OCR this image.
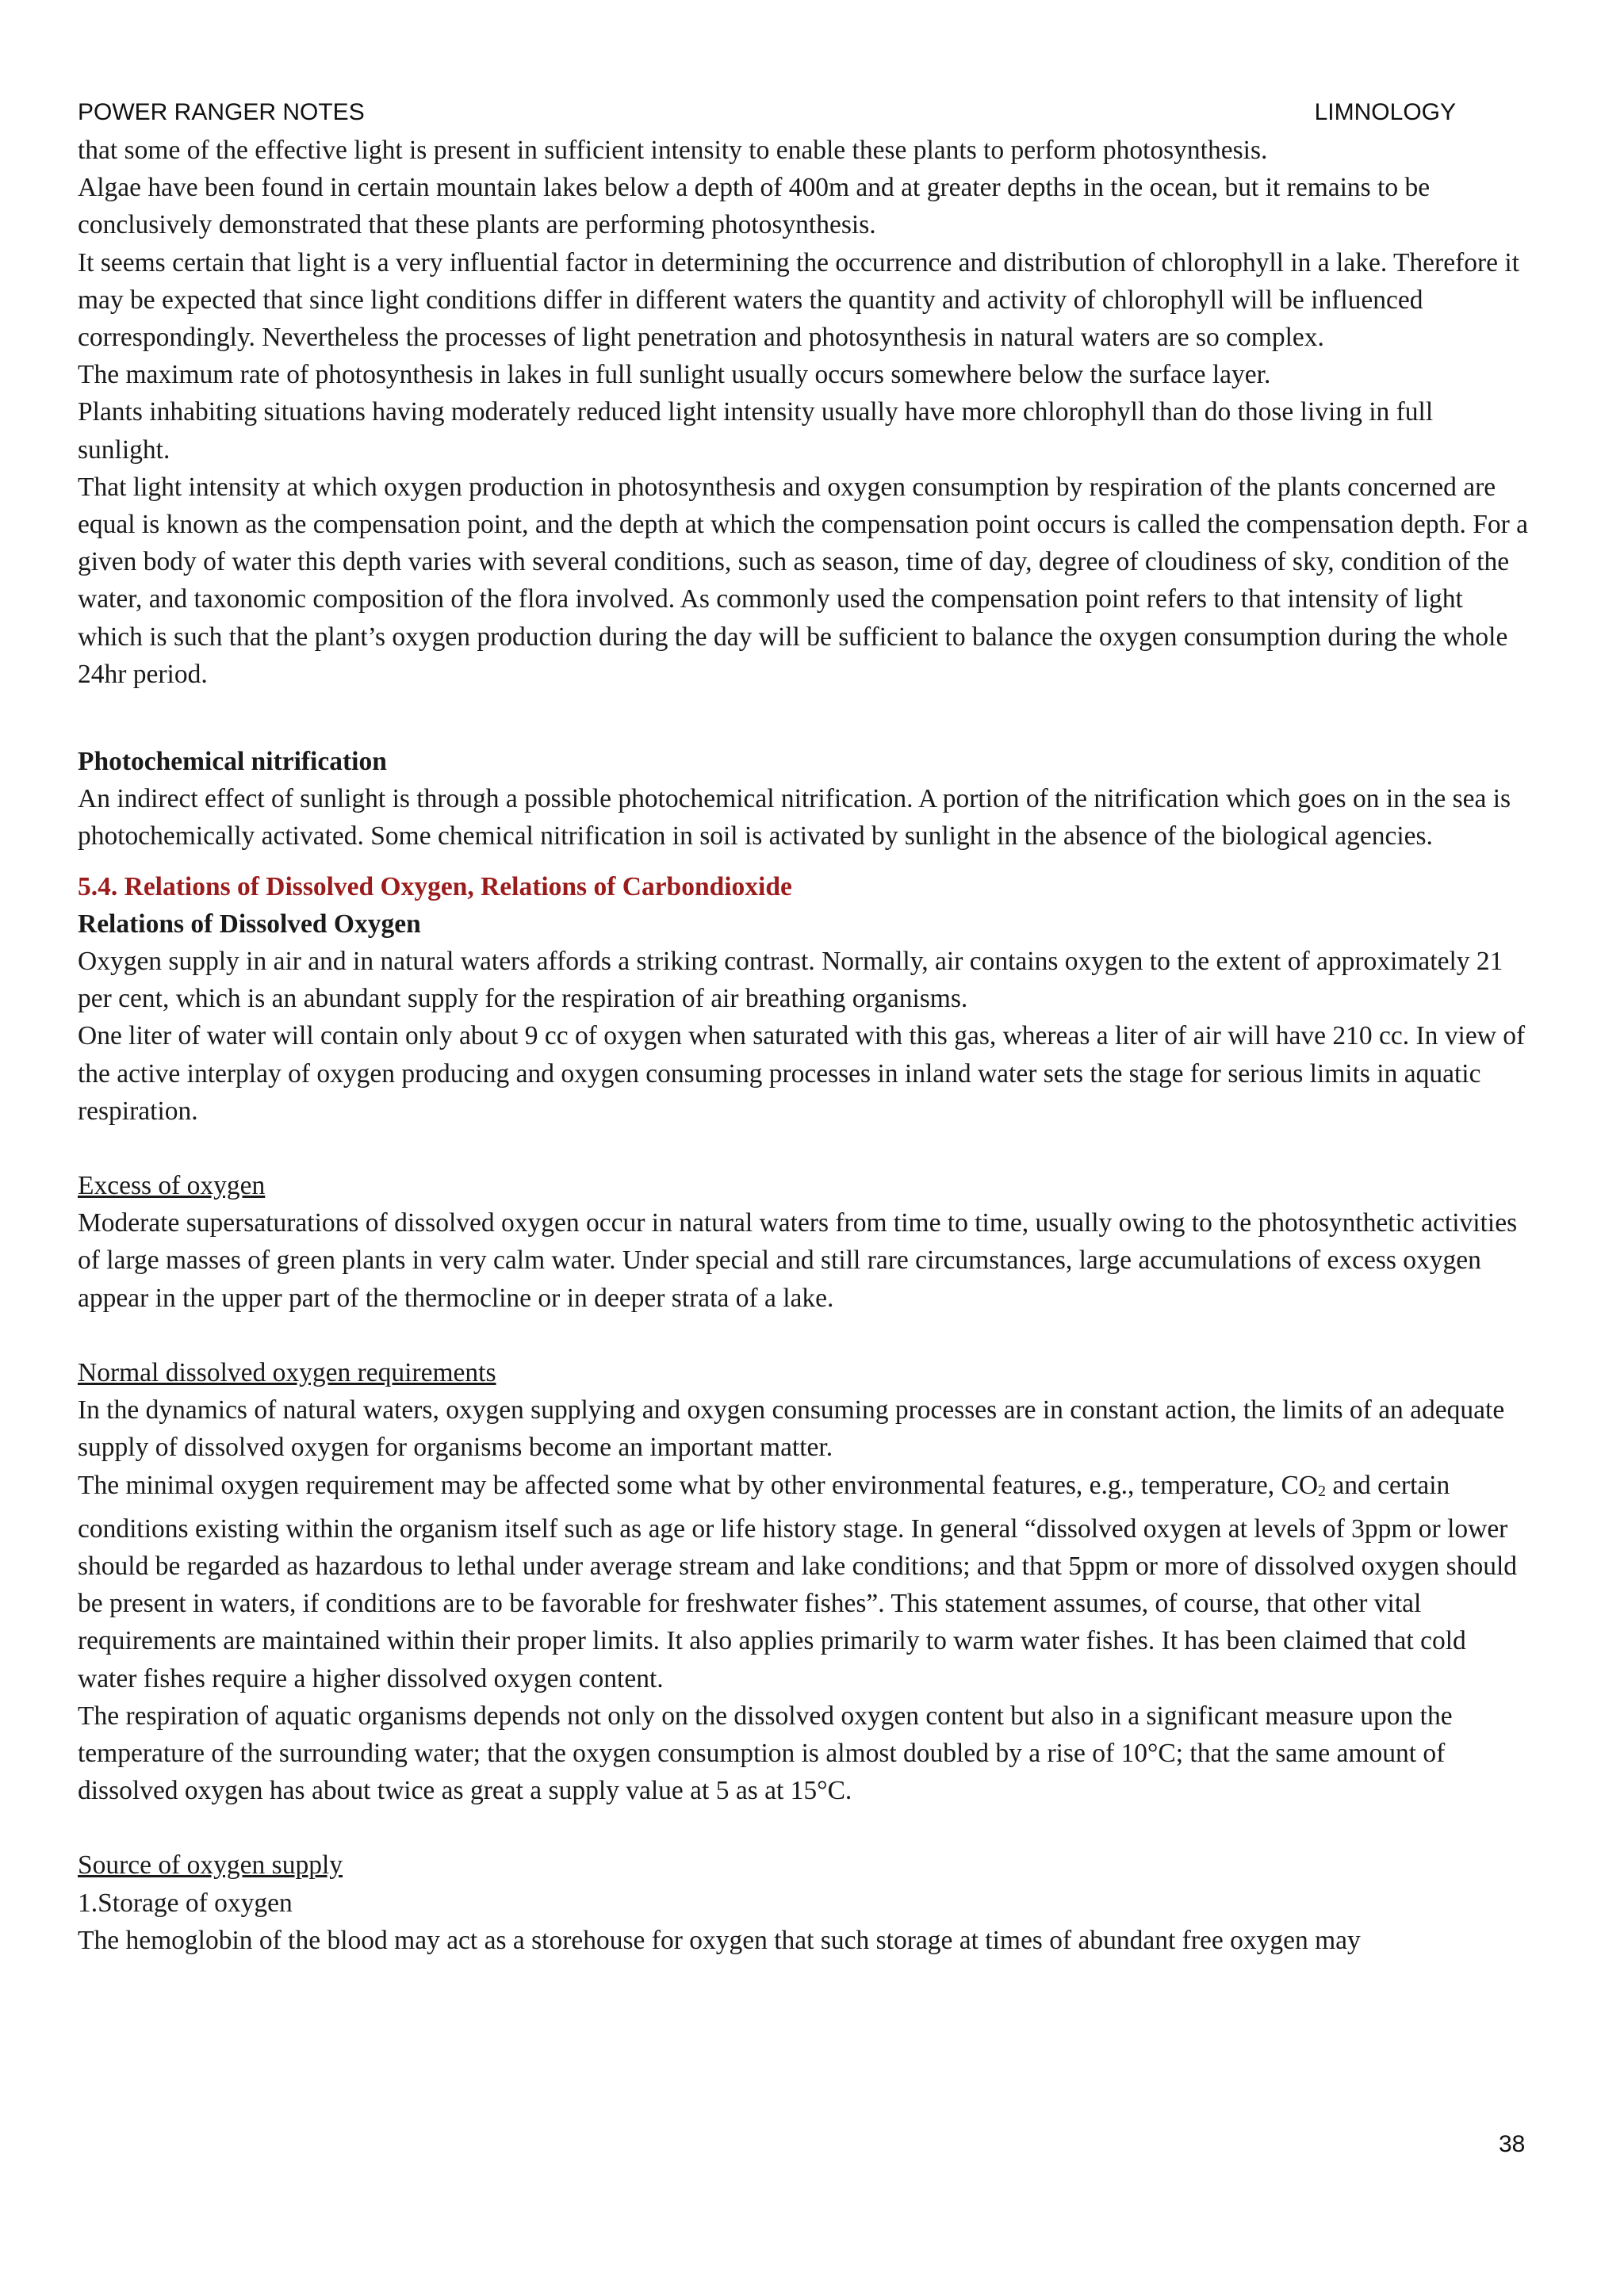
POWER RANGER NOTES	LIMNOLOGY

that some of the effective light is present in sufficient intensity to enable these plants to perform photosynthesis.

Algae have been found in certain mountain lakes below a depth of 400m and at greater depths in the ocean, but it remains to be conclusively demonstrated that these plants are performing photosynthesis.

It seems certain that light is a very influential factor in determining the occurrence and distribution of chlorophyll in a lake. Therefore it may be expected that since light conditions differ in different waters the quantity and activity of chlorophyll will be influenced correspondingly. Nevertheless the processes of light penetration and photosynthesis in natural waters are so complex.

The maximum rate of photosynthesis in lakes in full sunlight usually occurs somewhere below the surface layer.

Plants inhabiting situations having moderately reduced light intensity usually have more chlorophyll than do those living in full sunlight.

That light intensity at which oxygen production in photosynthesis and oxygen consumption by respiration of the plants concerned are equal is known as the compensation point, and the depth at which the compensation point occurs is called the compensation depth. For a given body of water this depth varies with several conditions, such as season, time of day, degree of cloudiness of sky, condition of the water, and taxonomic composition of the flora involved. As commonly used the compensation point refers to that intensity of light which is such that the plant’s oxygen production during the day will be sufficient to balance the oxygen consumption during the whole 24hr period.

Photochemical nitrification

An indirect effect of sunlight is through a possible photochemical nitrification. A portion of the nitrification which goes on in the sea is photochemically activated. Some chemical nitrification in soil is activated by sunlight in the absence of the biological agencies.

5.4. Relations of Dissolved Oxygen, Relations of Carbondioxide

Relations of Dissolved Oxygen

Oxygen supply in air and in natural waters affords a striking contrast. Normally, air contains oxygen to the extent of approximately 21 per cent, which is an abundant supply for the respiration of air breathing organisms.

One liter of water will contain only about 9 cc of oxygen when saturated with this gas, whereas a liter of air will have 210 cc. In view of the active interplay of oxygen producing and oxygen consuming processes in inland water sets the stage for serious limits in aquatic respiration.

Excess of oxygen

Moderate supersaturations of dissolved oxygen occur in natural waters from time to time, usually owing to the photosynthetic activities of large masses of green plants in very calm water. Under special and still rare circumstances, large accumulations of excess oxygen appear in the upper part of the thermocline or in deeper strata of a lake.

Normal dissolved oxygen requirements

In the dynamics of natural waters, oxygen supplying and oxygen consuming processes are in constant action, the limits of an adequate supply of dissolved oxygen for organisms become an important matter.

The minimal oxygen requirement may be affected some what by other environmental features, e.g., temperature, $CO_2$ and certain conditions existing within the organism itself such as age or life history stage. In general “dissolved oxygen at levels of 3ppm or lower should be regarded as hazardous to lethal under average stream and lake conditions; and that 5ppm or more of dissolved oxygen should be present in waters, if conditions are to be favorable for freshwater fishes”. This statement assumes, of course, that other vital requirements are maintained within their proper limits. It also applies primarily to warm water fishes. It has been claimed that cold water fishes require a higher dissolved oxygen content.

The respiration of aquatic organisms depends not only on the dissolved oxygen content but also in a significant measure upon the temperature of the surrounding water; that the oxygen consumption is almost doubled by a rise of 10°C; that the same amount of dissolved oxygen has about twice as great a supply value at 5 as at 15°C.

Source of oxygen supply

1.Storage of oxygen

The hemoglobin of the blood may act as a storehouse for oxygen that such storage at times of abundant free oxygen may

38
